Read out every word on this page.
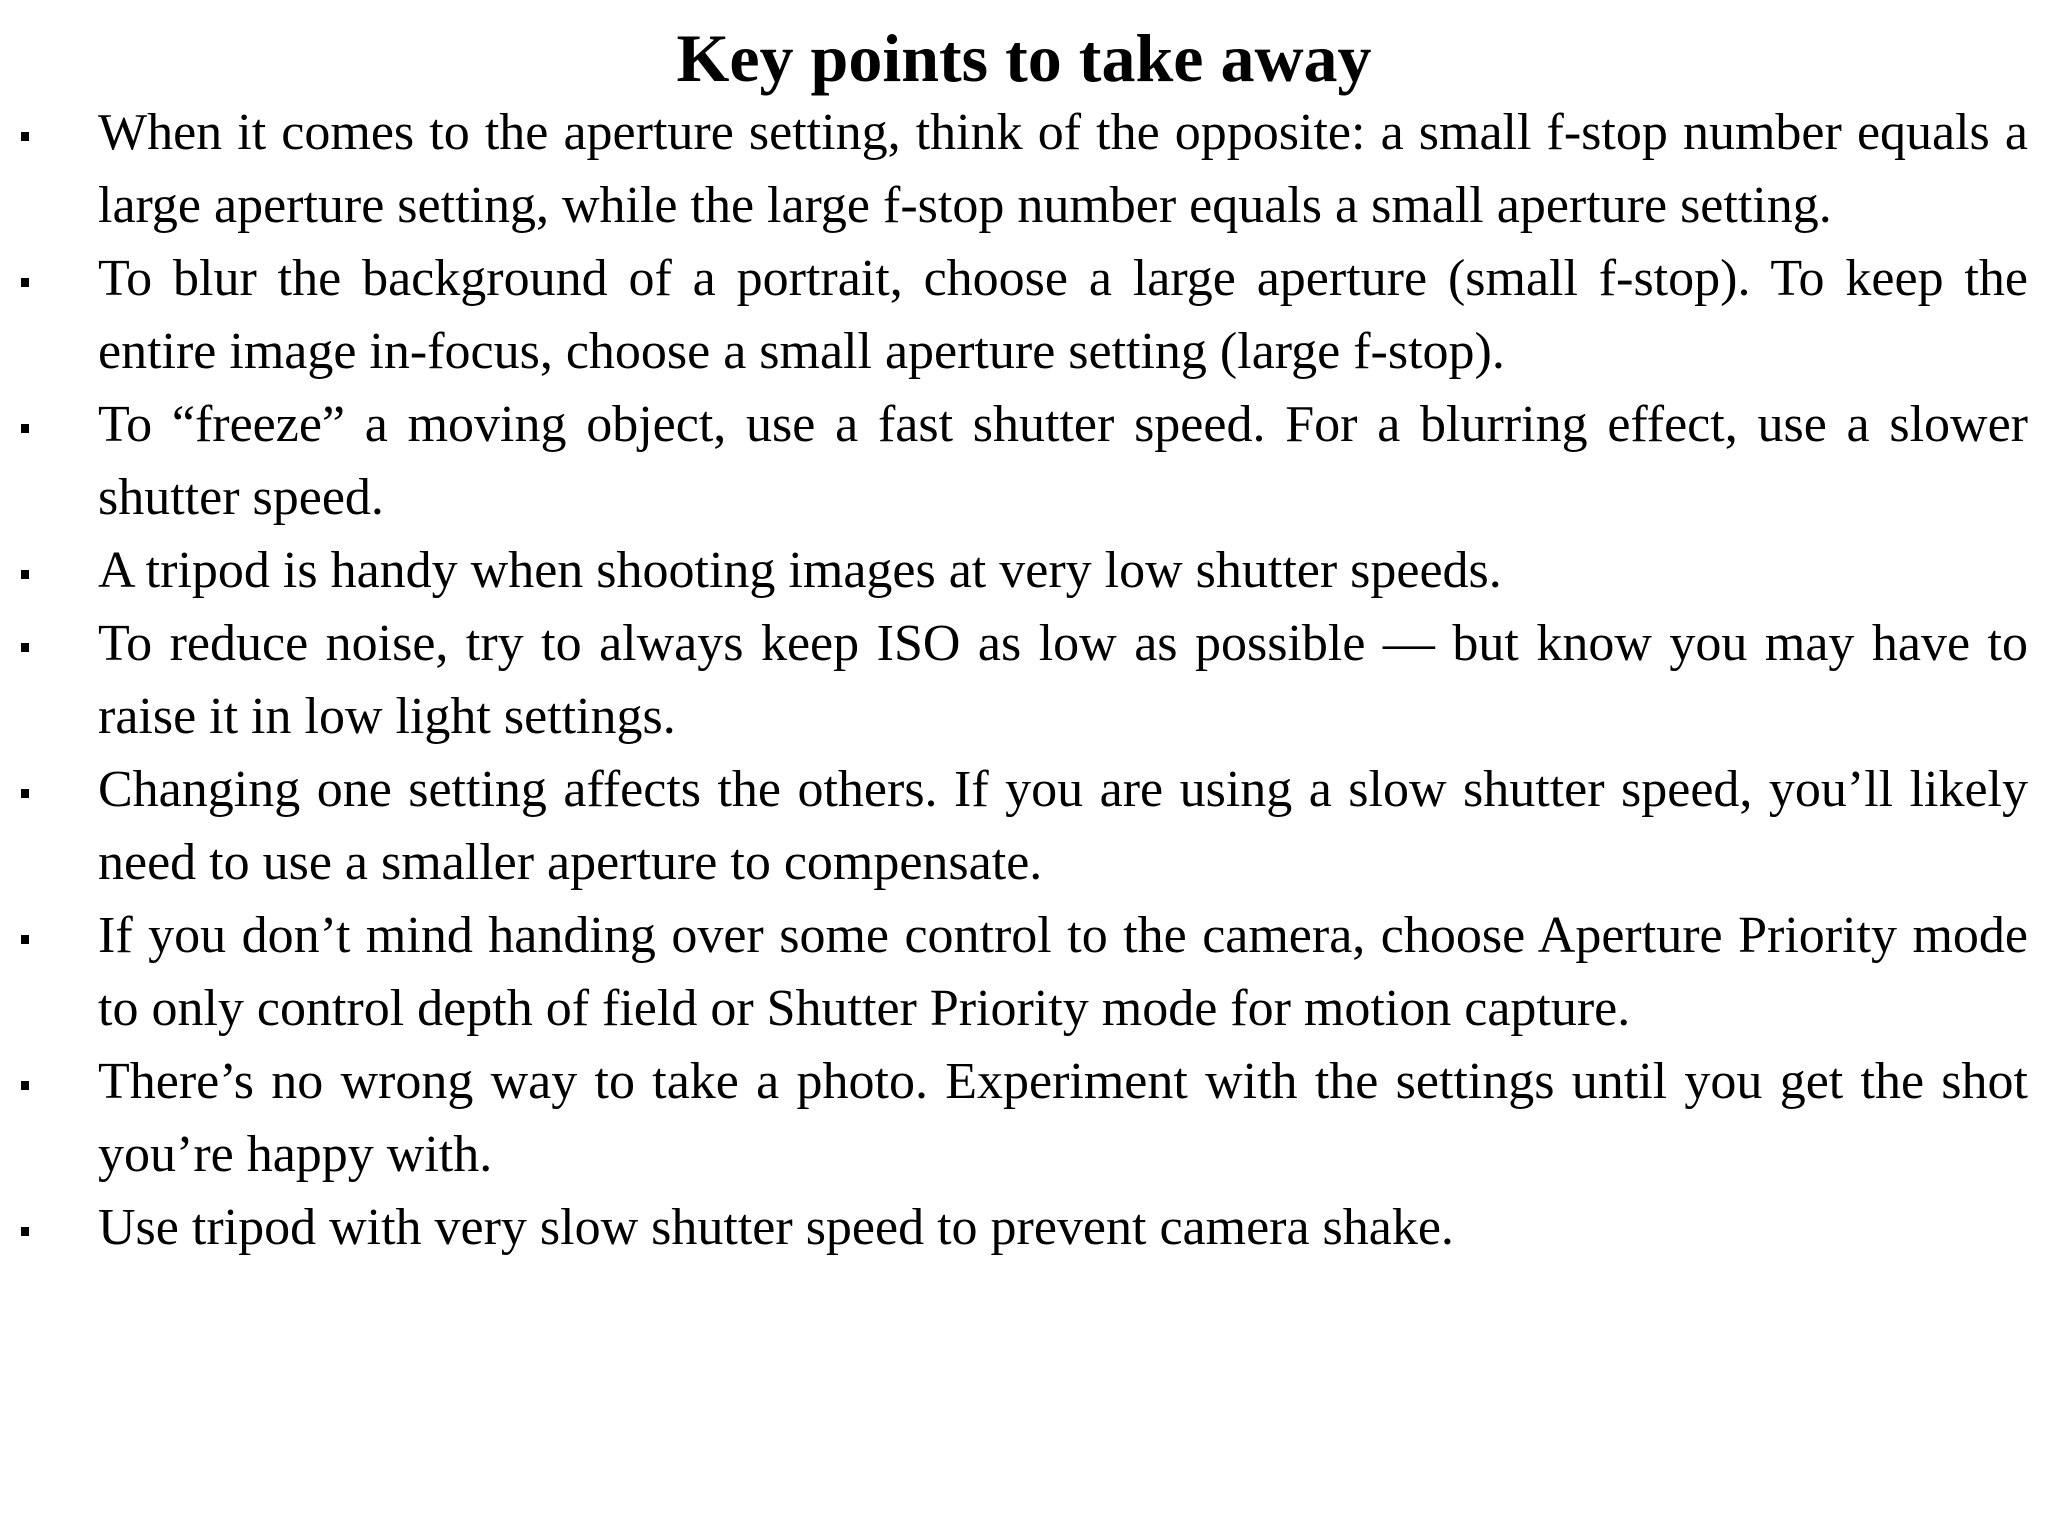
Key points to take away
When it comes to the aperture setting, think of the opposite: a small f-stop number equals a large aperture setting, while the large f-stop number equals a small aperture setting.
To blur the background of a portrait, choose a large aperture (small f-stop). To keep the entire image in-focus, choose a small aperture setting (large f-stop).
To “freeze” a moving object, use a fast shutter speed. For a blurring effect, use a slower shutter speed.
A tripod is handy when shooting images at very low shutter speeds.
To reduce noise, try to always keep ISO as low as possible — but know you may have to raise it in low light settings.
Changing one setting affects the others. If you are using a slow shutter speed, you’ll likely need to use a smaller aperture to compensate.
If you don’t mind handing over some control to the camera, choose Aperture Priority mode to only control depth of field or Shutter Priority mode for motion capture.
There’s no wrong way to take a photo. Experiment with the settings until you get the shot you’re happy with.
Use tripod with very slow shutter speed to prevent camera shake.
